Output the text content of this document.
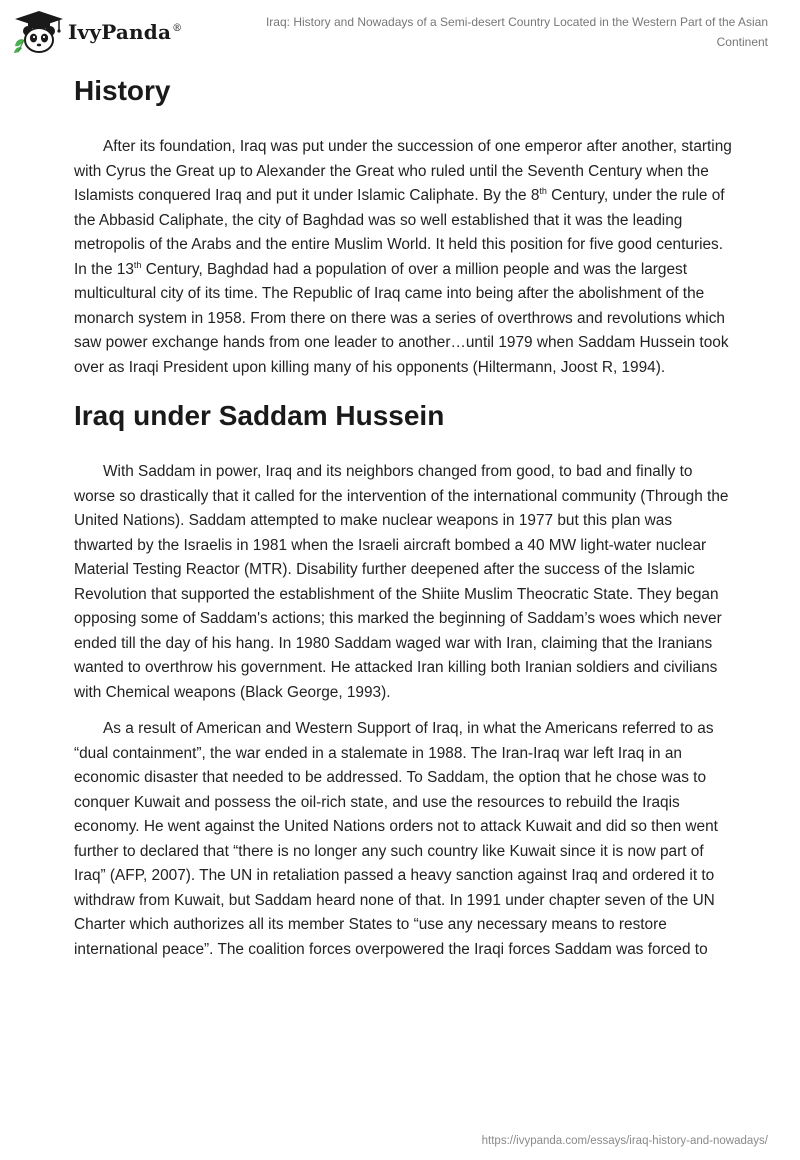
IvyPanda®	Iraq: History and Nowadays of a Semi-desert Country Located in the Western Part of the Asian Continent
History

After its foundation, Iraq was put under the succession of one emperor after another, starting with Cyrus the Great up to Alexander the Great who ruled until the Seventh Century when the Islamists conquered Iraq and put it under Islamic Caliphate. By the 8th Century, under the rule of the Abbasid Caliphate, the city of Baghdad was so well established that it was the leading metropolis of the Arabs and the entire Muslim World. It held this position for five good centuries. In the 13th Century, Baghdad had a population of over a million people and was the largest multicultural city of its time. The Republic of Iraq came into being after the abolishment of the monarch system in 1958. From there on there was a series of overthrows and revolutions which saw power exchange hands from one leader to another…until 1979 when Saddam Hussein took over as Iraqi President upon killing many of his opponents (Hiltermann, Joost R, 1994).

Iraq under Saddam Hussein

With Saddam in power, Iraq and its neighbors changed from good, to bad and finally to worse so drastically that it called for the intervention of the international community (Through the United Nations). Saddam attempted to make nuclear weapons in 1977 but this plan was thwarted by the Israelis in 1981 when the Israeli aircraft bombed a 40 MW light-water nuclear Material Testing Reactor (MTR). Disability further deepened after the success of the Islamic Revolution that supported the establishment of the Shiite Muslim Theocratic State. They began opposing some of Saddam's actions; this marked the beginning of Saddam’s woes which never ended till the day of his hang. In 1980 Saddam waged war with Iran, claiming that the Iranians wanted to overthrow his government. He attacked Iran killing both Iranian soldiers and civilians with Chemical weapons (Black George, 1993).

As a result of American and Western Support of Iraq, in what the Americans referred to as “dual containment”, the war ended in a stalemate in 1988. The Iran-Iraq war left Iraq in an economic disaster that needed to be addressed. To Saddam, the option that he chose was to conquer Kuwait and possess the oil-rich state, and use the resources to rebuild the Iraqis economy. He went against the United Nations orders not to attack Kuwait and did so then went further to declared that “there is no longer any such country like Kuwait since it is now part of Iraq” (AFP, 2007). The UN in retaliation passed a heavy sanction against Iraq and ordered it to withdraw from Kuwait, but Saddam heard none of that. In 1991 under chapter seven of the UN Charter which authorizes all its member States to “use any necessary means to restore international peace”. The coalition forces overpowered the Iraqi forces Saddam was forced to

https://ivypanda.com/essays/iraq-history-and-nowadays/
